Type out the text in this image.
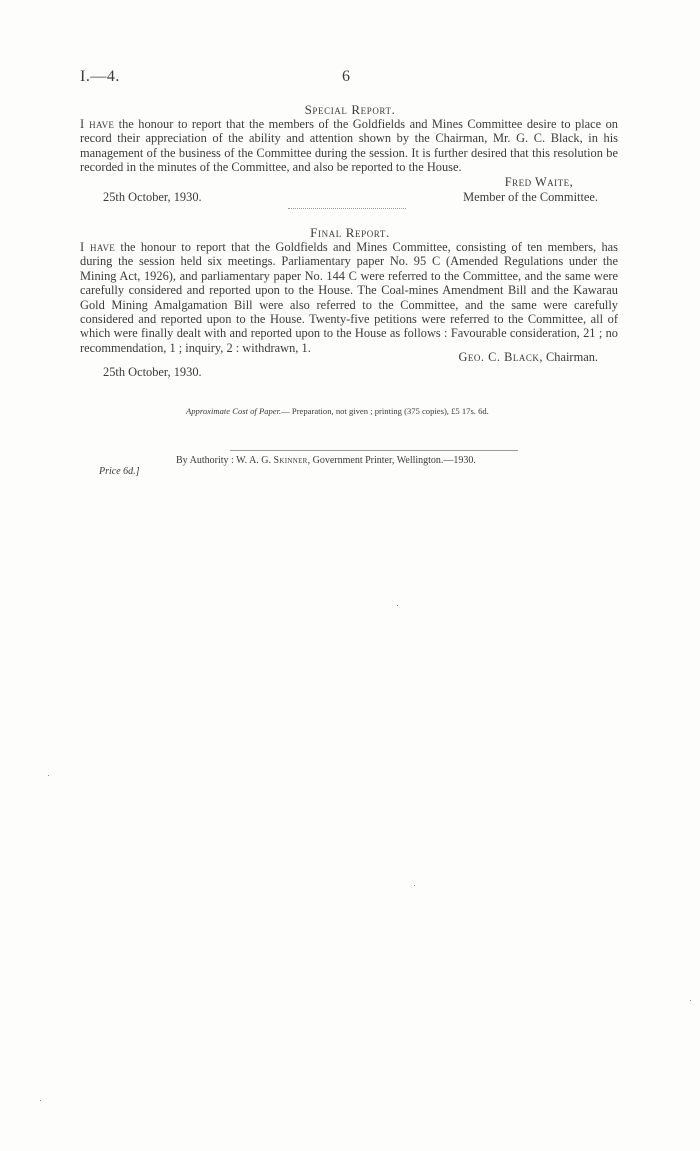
I.—4.	6
Special Report.
I have the honour to report that the members of the Goldfields and Mines Committee desire to place on record their appreciation of the ability and attention shown by the Chairman, Mr. G. C. Black, in his management of the business of the Committee during the session. It is further desired that this resolution be recorded in the minutes of the Committee, and also be reported to the House.
Fred Waite,
Member of the Committee.
25th October, 1930.
Final Report.
I have the honour to report that the Goldfields and Mines Committee, consisting of ten members, has during the session held six meetings. Parliamentary paper No. 95 C (Amended Regulations under the Mining Act, 1926), and parliamentary paper No. 144 C were referred to the Committee, and the same were carefully considered and reported upon to the House. The Coal-mines Amendment Bill and the Kawarau Gold Mining Amalgamation Bill were also referred to the Committee, and the same were carefully considered and reported upon to the House. Twenty-five petitions were referred to the Committee, all of which were finally dealt with and reported upon to the House as follows : Favourable consideration, 21 ; no recommendation, 1 ; inquiry, 2 : withdrawn, 1.
Geo. C. Black, Chairman.
25th October, 1930.
Approximate Cost of Paper.— Preparation, not given ; printing (375 copies), £5 17s. 6d.
By Authority : W. A. G. Skinner, Government Printer, Wellington.—1930.
Price 6d.]
